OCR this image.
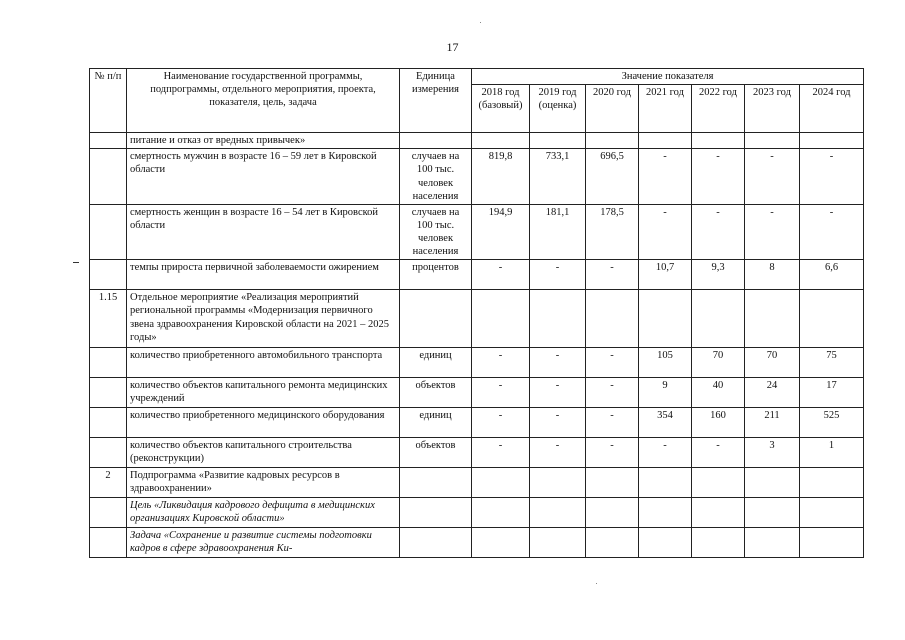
17
№ п/п	Наименование государственной программы, подпрограммы, отдельного мероприятия, проекта, показателя, цель, задача	Единица измерения	Значение показателя						
			2018 год (базовый)	2019 год (оценка)	2020 год	2021 год	2022 год	2023 год	2024 год
	питание и отказ от вредных привычек»								
	смертность мужчин в возрасте 16 – 59 лет в Кировской области	случаев на 100 тыс. человек населения	819,8	733,1	696,5	-	-	-	-
	смертность женщин в возрасте 16 – 54 лет в Кировской области	случаев на 100 тыс. человек населения	194,9	181,1	178,5	-	-	-	-
	темпы прироста первичной заболеваемости ожирением	процентов	-	-	-	10,7	9,3	8	6,6
1.15	Отдельное мероприятие «Реализация мероприятий региональной программы «Модернизация первичного звена здравоохранения Кировской области на 2021 – 2025 годы»								
	количество приобретенного автомобильного транспорта	единиц	-	-	-	105	70	70	75
	количество объектов капитального ремонта медицинских учреждений	объектов	-	-	-	9	40	24	17
	количество приобретенного медицинского оборудования	единиц	-	-	-	354	160	211	525
	количество объектов капитального строительства (реконструкции)	объектов	-	-	-	-	-	3	1
2	Подпрограмма «Развитие кадровых ресурсов в здравоохранении»								
	Цель «Ликвидация кадрового дефицита в медицинских организациях Кировской области»								
	Задача «Сохранение и развитие системы подготовки кадров в сфере здравоохранения Ки-								
